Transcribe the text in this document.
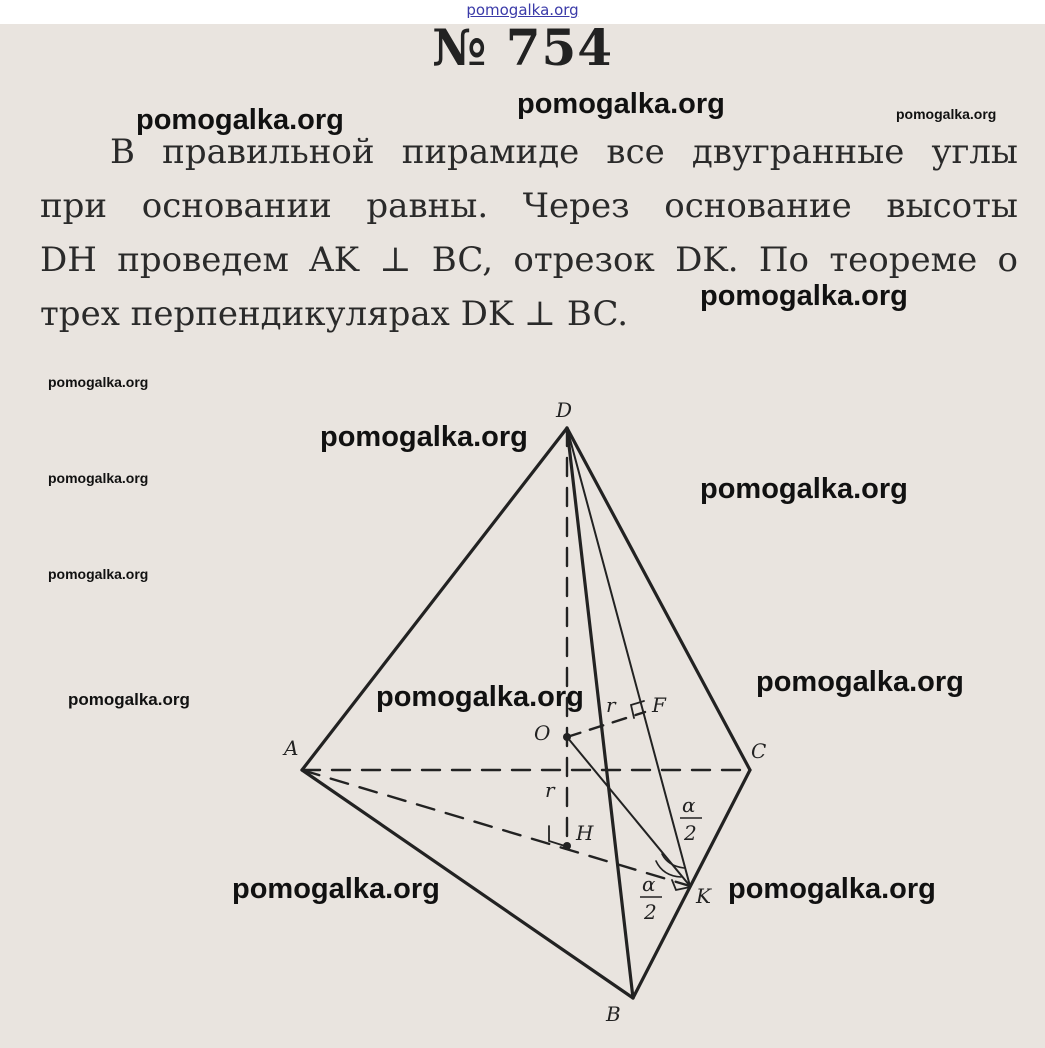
pomogalka.org
№ 754
В правильной пирамиде все двугранные углы
при основании равны. Через основание высоты
DH проведем AK ⊥ BC, отрезок DK. По теореме о
трех перпендикулярах DK ⊥ BC.
D
A	C
B
O
F
H
K
r
r
α
2
α
2
pomogalka.org
pomogalka.org	pomogalka.org
pomogalka.org
pomogalka.org
pomogalka.org
pomogalka.org	pomogalka.org
pomogalka.org
pomogalka.org
pomogalka.org
pomogalka.org
pomogalka.org	pomogalka.org
